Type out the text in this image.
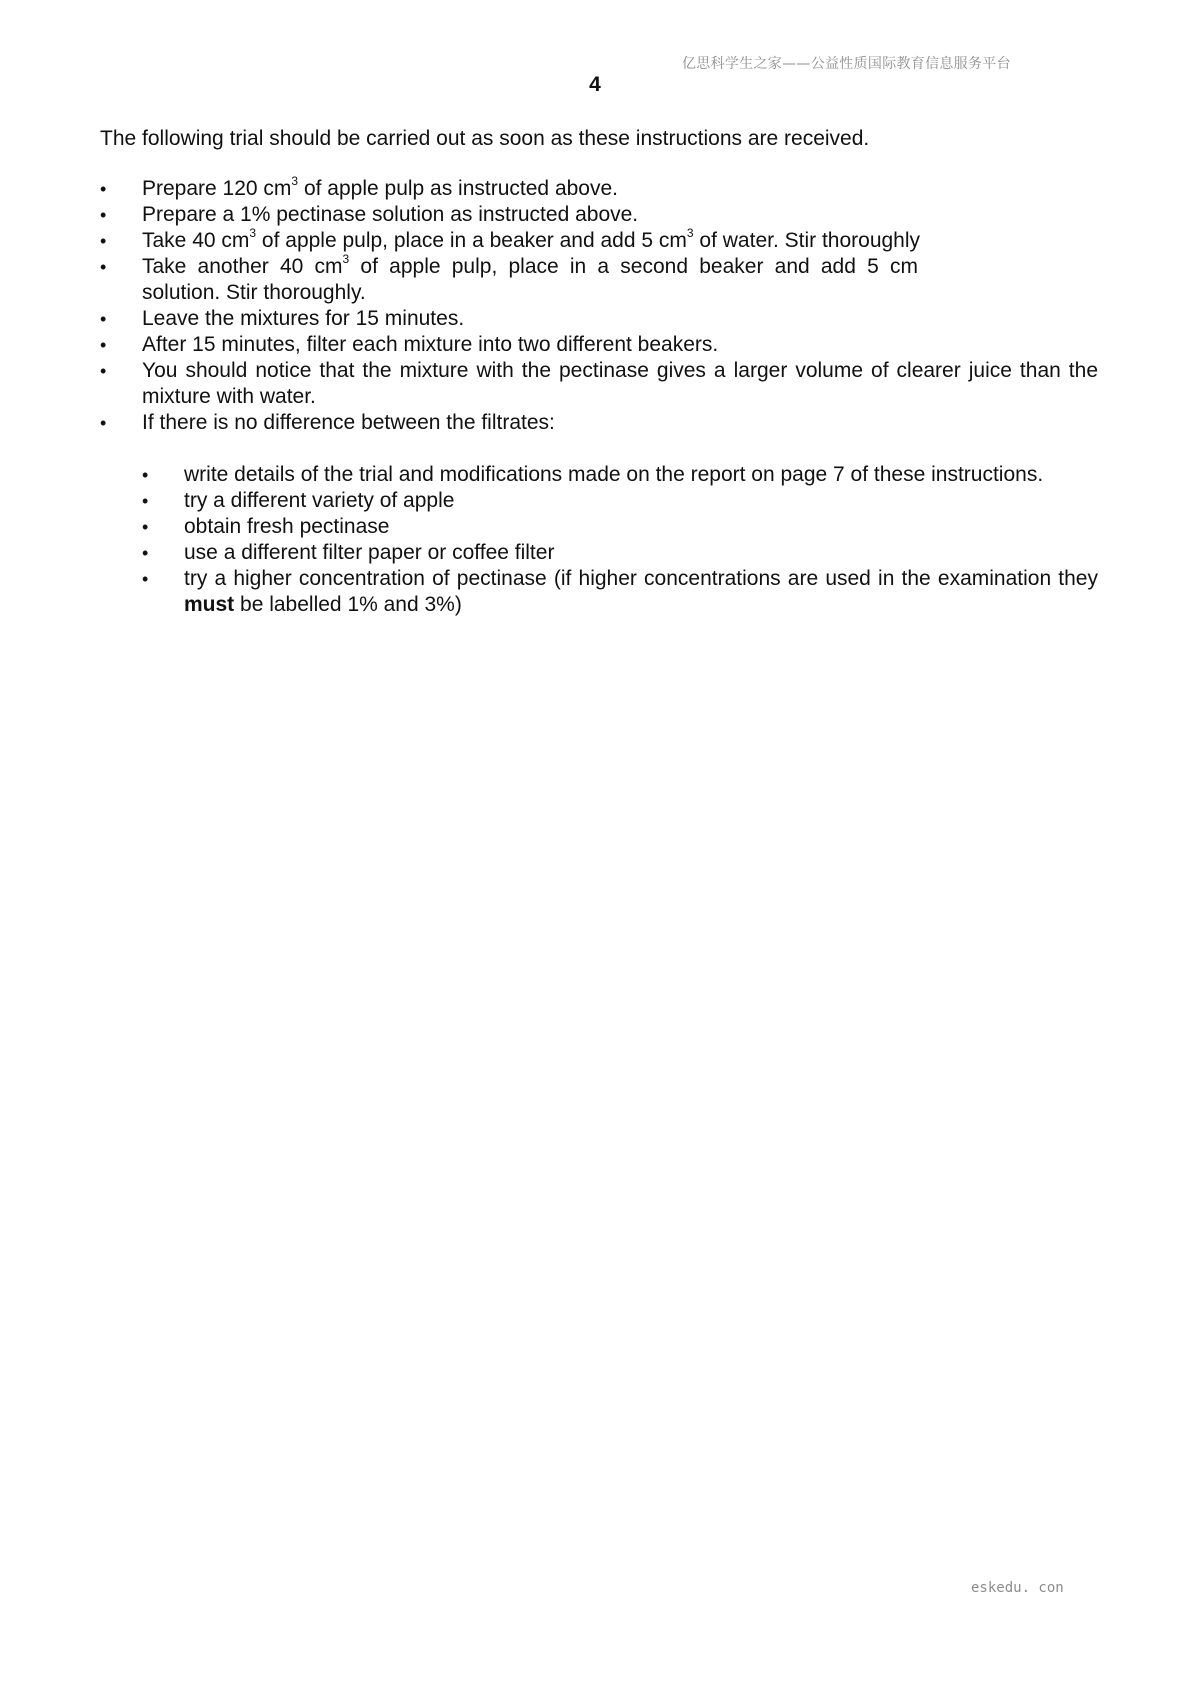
亿思科学生之家——公益性质国际教育信息服务平台
4
The following trial should be carried out as soon as these instructions are received.
• Prepare 120 $cm^3$ of apple pulp as instructed above.
• Prepare a 1% pectinase solution as instructed above.
• Take 40 $cm^3$ of apple pulp, place in a beaker and add 5 $cm^3$ of water. Stir thoroughly
• Take another 40 $cm^3$ of apple pulp, place in a second beaker and add 5 cm
solution. Stir thoroughly.
• Leave the mixtures for 15 minutes.
• After 15 minutes, filter each mixture into two different beakers.
• You should notice that the mixture with the pectinase gives a larger volume of clearer juice than the mixture with water.
• If there is no difference between the filtrates:
• write details of the trial and modifications made on the report on page 7 of these instructions.
• try a different variety of apple
• obtain fresh pectinase
• use a different filter paper or coffee filter
• try a higher concentration of pectinase (if higher concentrations are used in the examination they must be labelled 1% and 3%)
eskedu. con
